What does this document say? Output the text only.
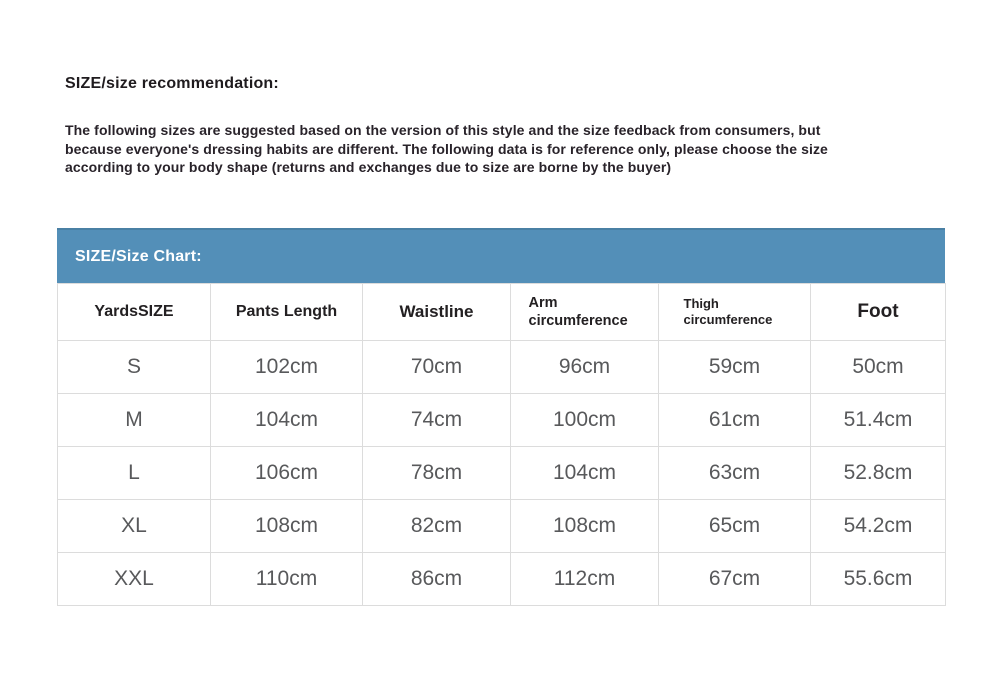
SIZE/size recommendation:
The following sizes are suggested based on the version of this style and the size feedback from consumers, but
because everyone's dressing habits are different. The following data is for reference only, please choose the size
according to your body shape (returns and exchanges due to size are borne by the buyer)
SIZE/Size Chart:
YardsSIZE	Pants Length	Waistline	Arm circumference	Thigh circumference	Foot
S	102cm	70cm	96cm	59cm	50cm
M	104cm	74cm	100cm	61cm	51.4cm
L	106cm	78cm	104cm	63cm	52.8cm
XL	108cm	82cm	108cm	65cm	54.2cm
XXL	110cm	86cm	112cm	67cm	55.6cm
